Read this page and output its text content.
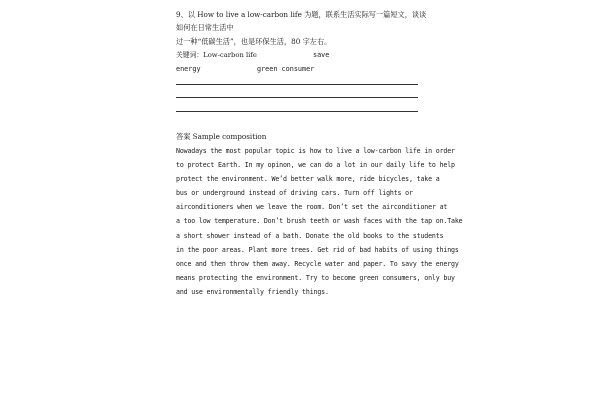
9、以 How to live a low-carbon life 为题，联系生活实际写一篇短文，谈谈
如何在日常生活中
过一种“低碳生活”，也是环保生活，80 字左右。
关键词：Low-carbon life	save
energy	green consumer
答案 Sample composition
Nowadays the most popular topic is how to live a low-carbon life in order
to protect Earth. In my opinon, we can do a lot in our daily life to help
protect the environment. We’d better walk more, ride bicycles, take a
bus or underground instead of driving cars. Turn off lights or
airconditioners when we leave the room. Don’t set the airconditioner at
a too low temperature. Don’t brush teeth or wash faces with the tap on.Take
a short shower instead of a bath. Donate the old books to the students
in the poor areas. Plant more trees. Get rid of bad habits of using things
once and then throw them away. Recycle water and paper. To savy the energy
means protecting the environment. Try to become green consumers, only buy
and use environmentally friendly things.
